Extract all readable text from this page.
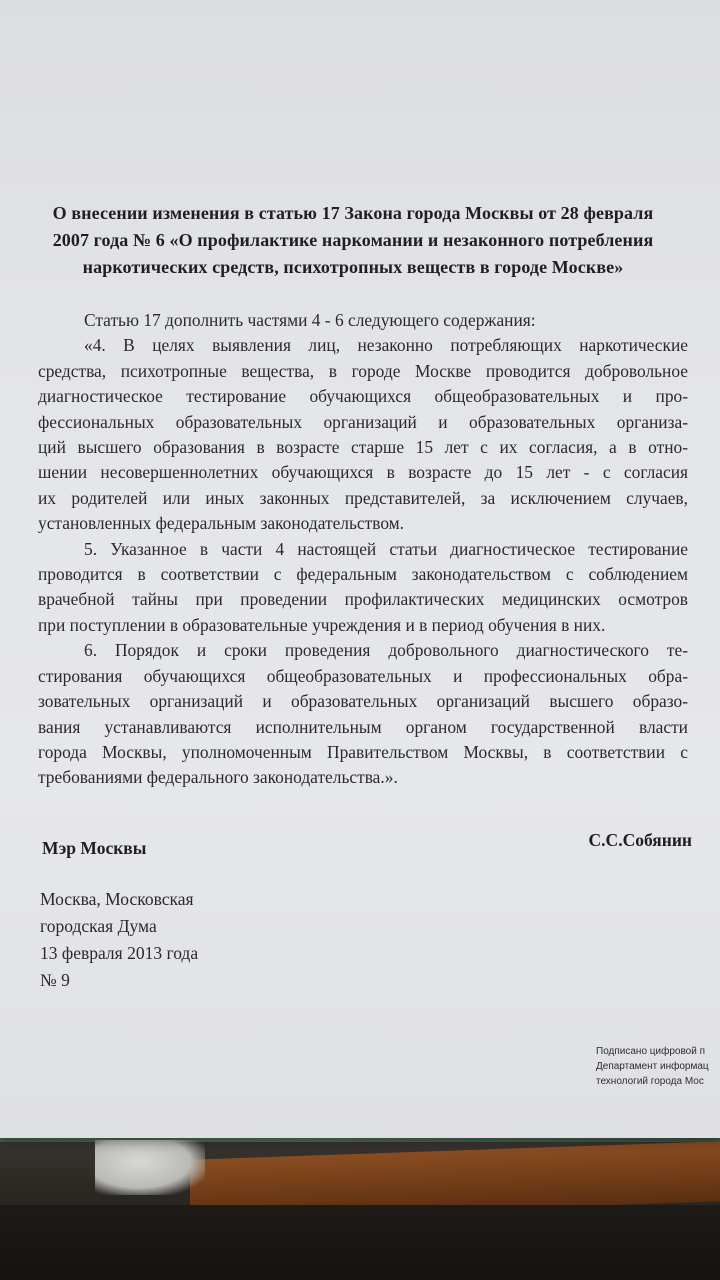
О внесении изменения в статью 17 Закона города Москвы от 28 февраля
2007 года № 6 «О профилактике наркомании и незаконного потребления
наркотических средств, психотропных веществ в городе Москве»
Статью 17 дополнить частями 4 - 6 следующего содержания:
«4. В целях выявления лиц, незаконно потребляющих наркотические
средства, психотропные вещества, в городе Москве проводится добровольное
диагностическое тестирование обучающихся общеобразовательных и про-
фессиональных образовательных организаций и образовательных организа-
ций высшего образования в возрасте старше 15 лет с их согласия, а в отно-
шении несовершеннолетних обучающихся в возрасте до 15 лет - с согласия
их родителей или иных законных представителей, за исключением случаев,
установленных федеральным законодательством.
5. Указанное в части 4 настоящей статьи диагностическое тестирование
проводится в соответствии с федеральным законодательством с соблюдением
врачебной тайны при проведении профилактических медицинских осмотров
при поступлении в образовательные учреждения и в период обучения в них.
6. Порядок и сроки проведения добровольного диагностического те-
стирования обучающихся общеобразовательных и профессиональных обра-
зовательных организаций и образовательных организаций высшего образо-
вания устанавливаются исполнительным органом государственной власти
города Москвы, уполномоченным Правительством Москвы, в соответствии с
требованиями федерального законодательства.».
Мэр Москвы	С.С.Собянин
Москва, Московская
городская Дума
13 февраля 2013 года
№ 9
Подписано цифровой п
Департамент информац
технологий города Мос
